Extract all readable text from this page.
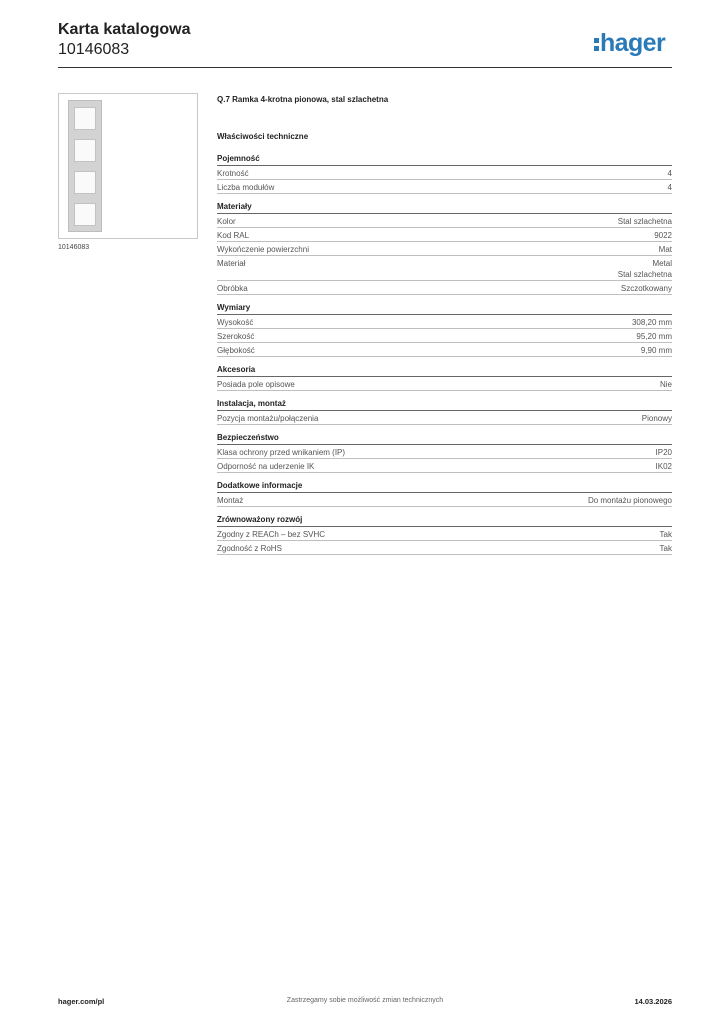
Karta katalogowa
10146083	hager
10146083
Q.7 Ramka 4-krotna pionowa, stal szlachetna
Właściwości techniczne
Pojemność
Krotność	4
Liczba modułów	4
Materiały
Kolor	Stal szlachetna
Kod RAL	9022
Wykończenie powierzchni	Mat
Materiał	Metal
Stal szlachetna
Obróbka	Szczotkowany
Wymiary
Wysokość	308,20 mm
Szerokość	95,20 mm
Głębokość	9,90 mm
Akcesoria
Posiada pole opisowe	Nie
Instalacja, montaż
Pozycja montażu/połączenia	Pionowy
Bezpieczeństwo
Klasa ochrony przed wnikaniem (IP)	IP20
Odporność na uderzenie IK	IK02
Dodatkowe informacje
Montaż	Do montażu pionowego
Zrównoważony rozwój
Zgodny z REACh – bez SVHC	Tak
Zgodność z RoHS	Tak
hager.com/pl	Zastrzegamy sobie możliwość zmian technicznych	14.03.2026
